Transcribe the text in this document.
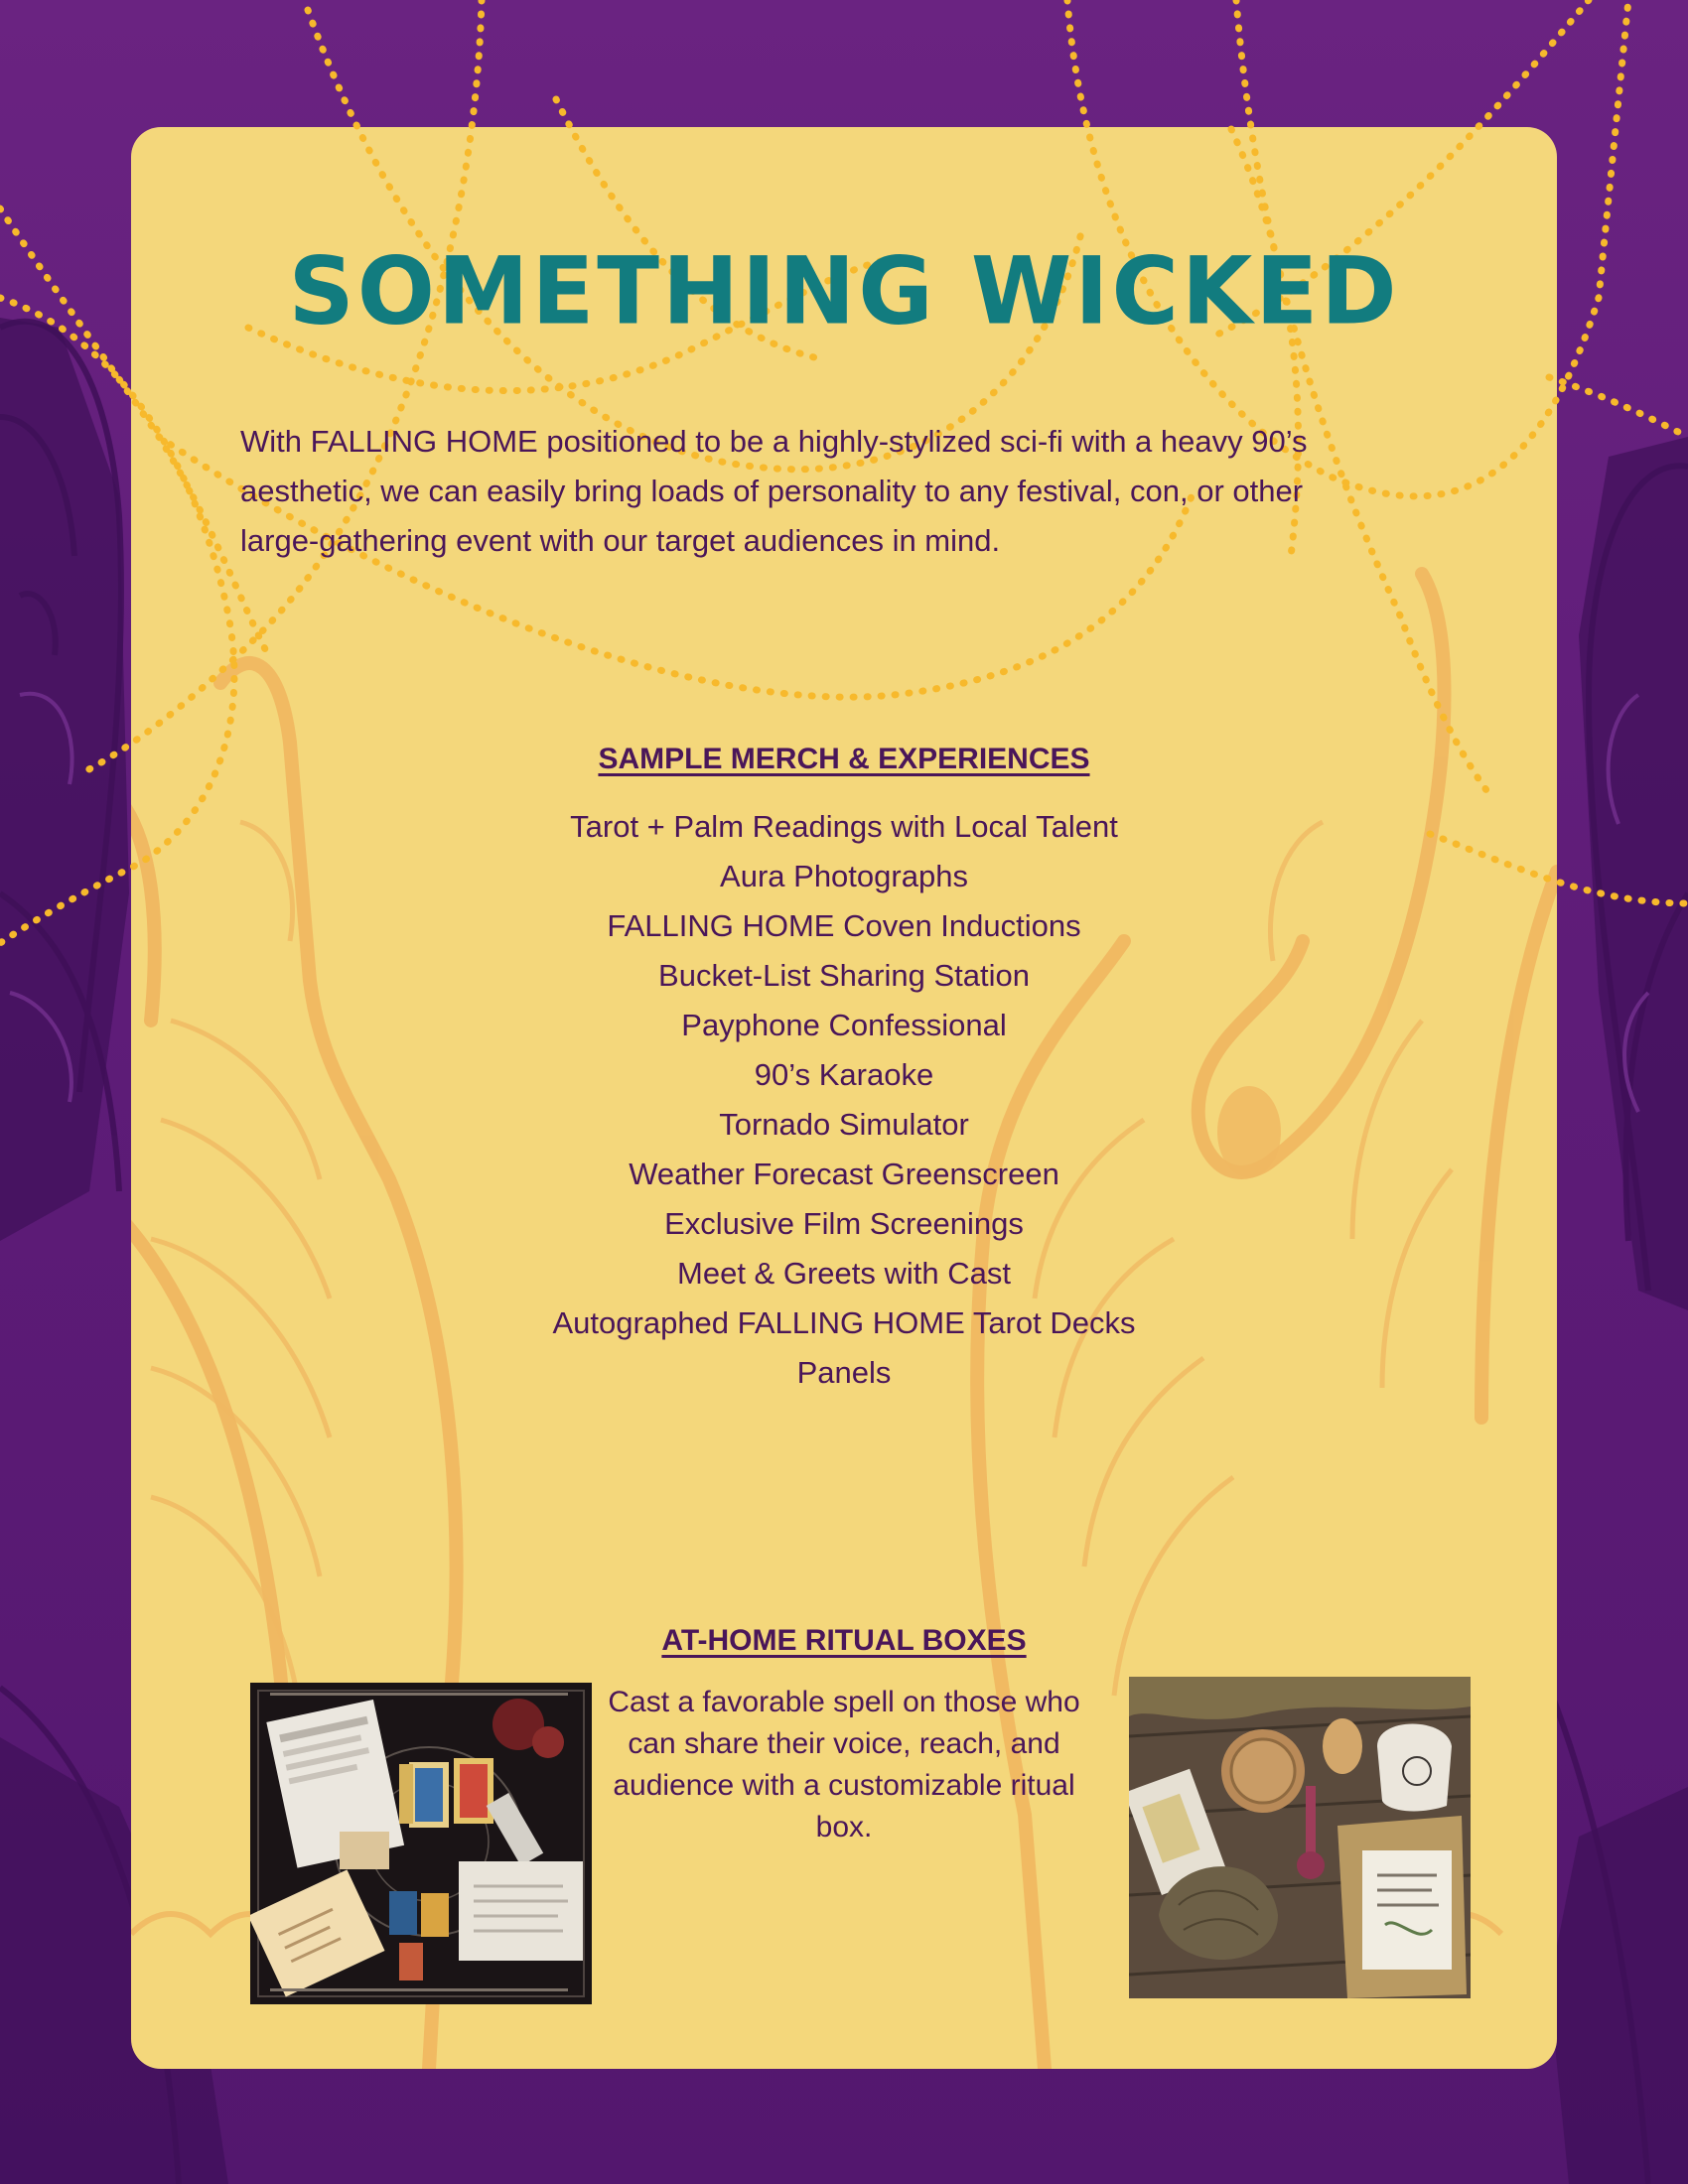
SOMETHING WICKED

With FALLING HOME positioned to be a highly-stylized sci-fi with a heavy 90’s aesthetic, we can easily bring loads of personality to any festival, con, or other large-gathering event with our target audiences in mind.

SAMPLE MERCH & EXPERIENCES
Tarot + Palm Readings with Local Talent
Aura Photographs
FALLING HOME Coven Inductions
Bucket-List Sharing Station
Payphone Confessional
90’s Karaoke
Tornado Simulator
Weather Forecast Greenscreen
Exclusive Film Screenings
Meet & Greets with Cast
Autographed FALLING HOME Tarot Decks
Panels
AT-HOME RITUAL BOXES

Cast a favorable spell on those who can share their voice, reach, and audience with a customizable ritual box.
